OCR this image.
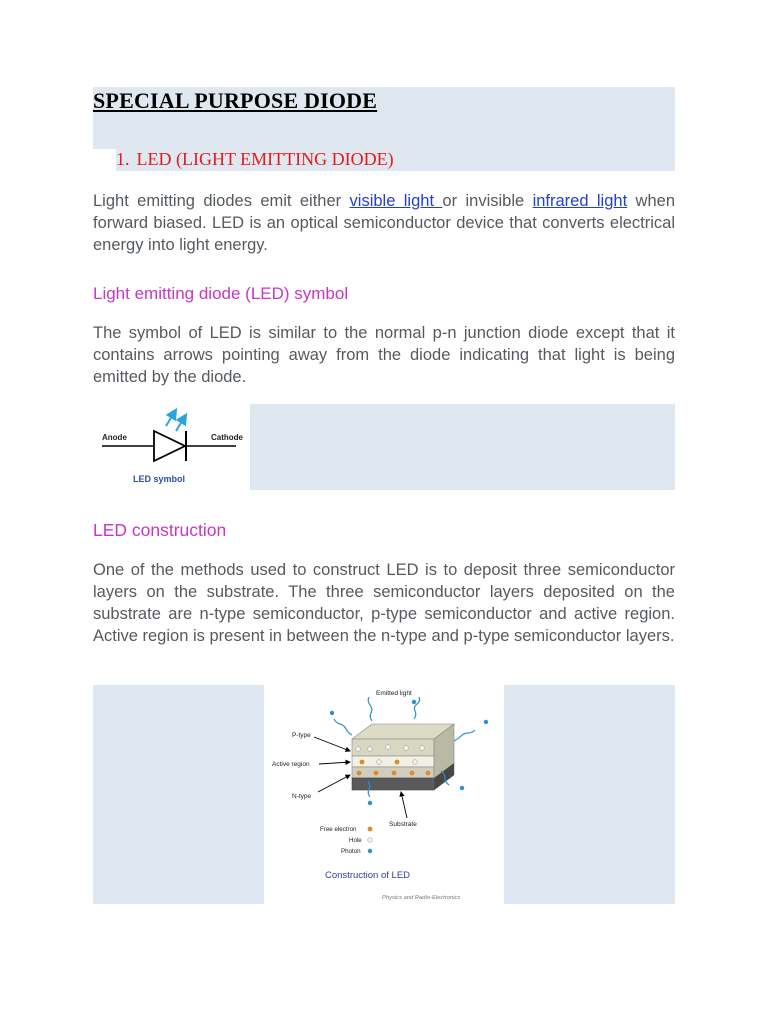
SPECIAL PURPOSE DIODE
1. LED (LIGHT EMITTING DIODE)

Light emitting diodes emit either visible light or invisible infrared light when forward biased. LED is an optical semiconductor device that converts electrical energy into light energy.

Light emitting diode (LED) symbol

The symbol of LED is similar to the normal p-n junction diode except that it contains arrows pointing away from the diode indicating that light is being emitted by the diode.

Anode	Cathode
LED symbol
LED construction

One of the methods used to construct LED is to deposit three semiconductor layers on the substrate. The three semiconductor layers deposited on the substrate are n-type semiconductor, p-type semiconductor and active region. Active region is present in between the n-type and p-type semiconductor layers.

Emitted light
P-type
Active region
N-type
Substrate
Free electron
Hole
Photon
Construction of LED
Physics and Radio-Electronics
